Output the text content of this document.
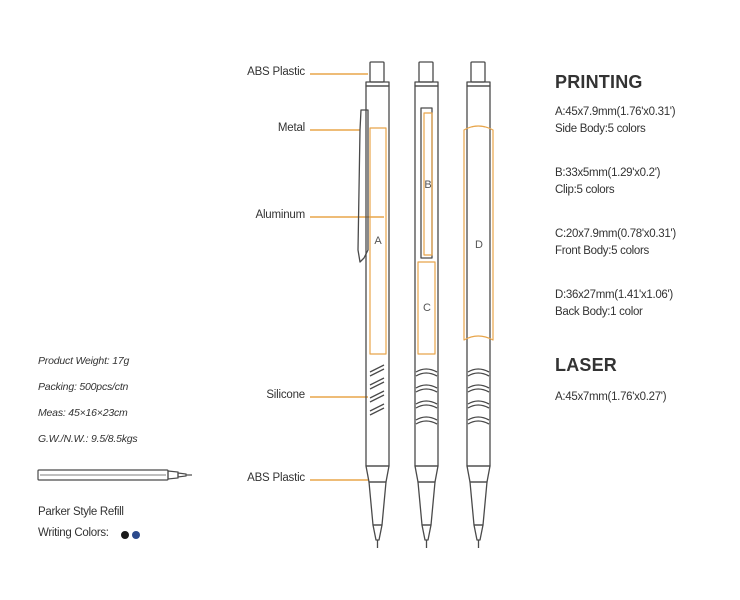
ABS Plastic
Metal
Aluminum
Silicone
ABS Plastic
A
B
C
D
PRINTING
A:45x7.9mm(1.76'x0.31')
Side Body:5 colors
B:33x5mm(1.29'x0.2')
Clip:5 colors
C:20x7.9mm(0.78'x0.31')
Front Body:5 colors
D:36x27mm(1.41'x1.06')
Back Body:1 color
LASER
A:45x7mm(1.76'x0.27')
Product Weight: 17g
Packing: 500pcs/ctn
Meas: 45×16×23cm
G.W./N.W.: 9.5/8.5kgs
Parker Style Refill
Writing Colors:
